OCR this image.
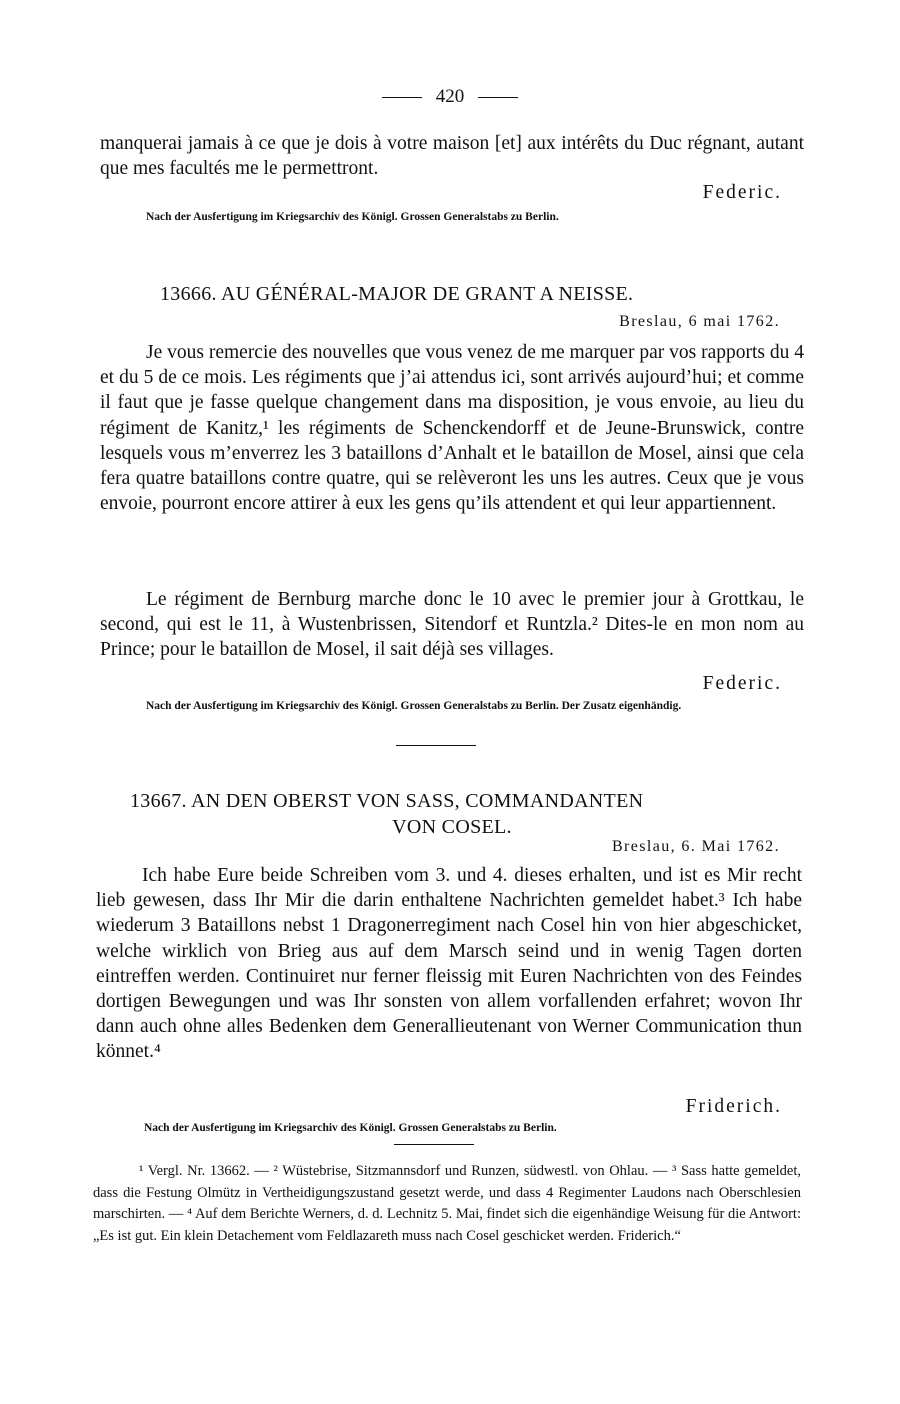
420

manquerai jamais à ce que je dois à votre maison [et] aux intérêts du Duc régnant, autant que mes facultés me le permettront.

Federic.
Nach der Ausfertigung im Kriegsarchiv des Königl. Grossen Generalstabs zu Berlin.
13666. AU GÉNÉRAL-MAJOR DE GRANT A NEISSE.
Breslau, 6 mai 1762.

Je vous remercie des nouvelles que vous venez de me marquer par vos rapports du 4 et du 5 de ce mois. Les régiments que j’ai attendus ici, sont arrivés aujourd’hui; et comme il faut que je fasse quelque changement dans ma disposition, je vous envoie, au lieu du régiment de Kanitz,¹ les régiments de Schenckendorff et de Jeune-Brunswick, contre lesquels vous m’enverrez les 3 bataillons d’Anhalt et le bataillon de Mosel, ainsi que cela fera quatre bataillons contre quatre, qui se relèveront les uns les autres. Ceux que je vous envoie, pourront encore attirer à eux les gens qu’ils attendent et qui leur appartiennent.

Le régiment de Bernburg marche donc le 10 avec le premier jour à Grottkau, le second, qui est le 11, à Wustenbrissen, Sitendorf et Runtzla.² Dites-le en mon nom au Prince; pour le bataillon de Mosel, il sait déjà ses villages.

Federic.
Nach der Ausfertigung im Kriegsarchiv des Königl. Grossen Generalstabs zu Berlin. Der Zusatz eigenhändig.
13667. AN DEN OBERST VON SASS, COMMANDANTEN
VON COSEL.
Breslau, 6. Mai 1762.

Ich habe Eure beide Schreiben vom 3. und 4. dieses erhalten, und ist es Mir recht lieb gewesen, dass Ihr Mir die darin enthaltene Nachrichten gemeldet habet.³ Ich habe wiederum 3 Bataillons nebst 1 Dragonerregiment nach Cosel hin von hier abgeschicket, welche wirklich von Brieg aus auf dem Marsch seind und in wenig Tagen dorten eintreffen werden. Continuiret nur ferner fleissig mit Euren Nachrichten von des Feindes dortigen Bewegungen und was Ihr sonsten von allem vorfallenden erfahret; wovon Ihr dann auch ohne alles Bedenken dem Generallieutenant von Werner Communication thun könnet.⁴

Friderich.
Nach der Ausfertigung im Kriegsarchiv des Königl. Grossen Generalstabs zu Berlin.

¹ Vergl. Nr. 13662. — ² Wüstebrise, Sitzmannsdorf und Runzen, südwestl. von Ohlau. — ³ Sass hatte gemeldet, dass die Festung Olmütz in Vertheidigungszustand gesetzt werde, und dass 4 Regimenter Laudons nach Oberschlesien marschirten. — ⁴ Auf dem Berichte Werners, d. d. Lechnitz 5. Mai, findet sich die eigenhändige Weisung für die Antwort: „Es ist gut. Ein klein Detachement vom Feldlazareth muss nach Cosel geschicket werden. Friderich.“
